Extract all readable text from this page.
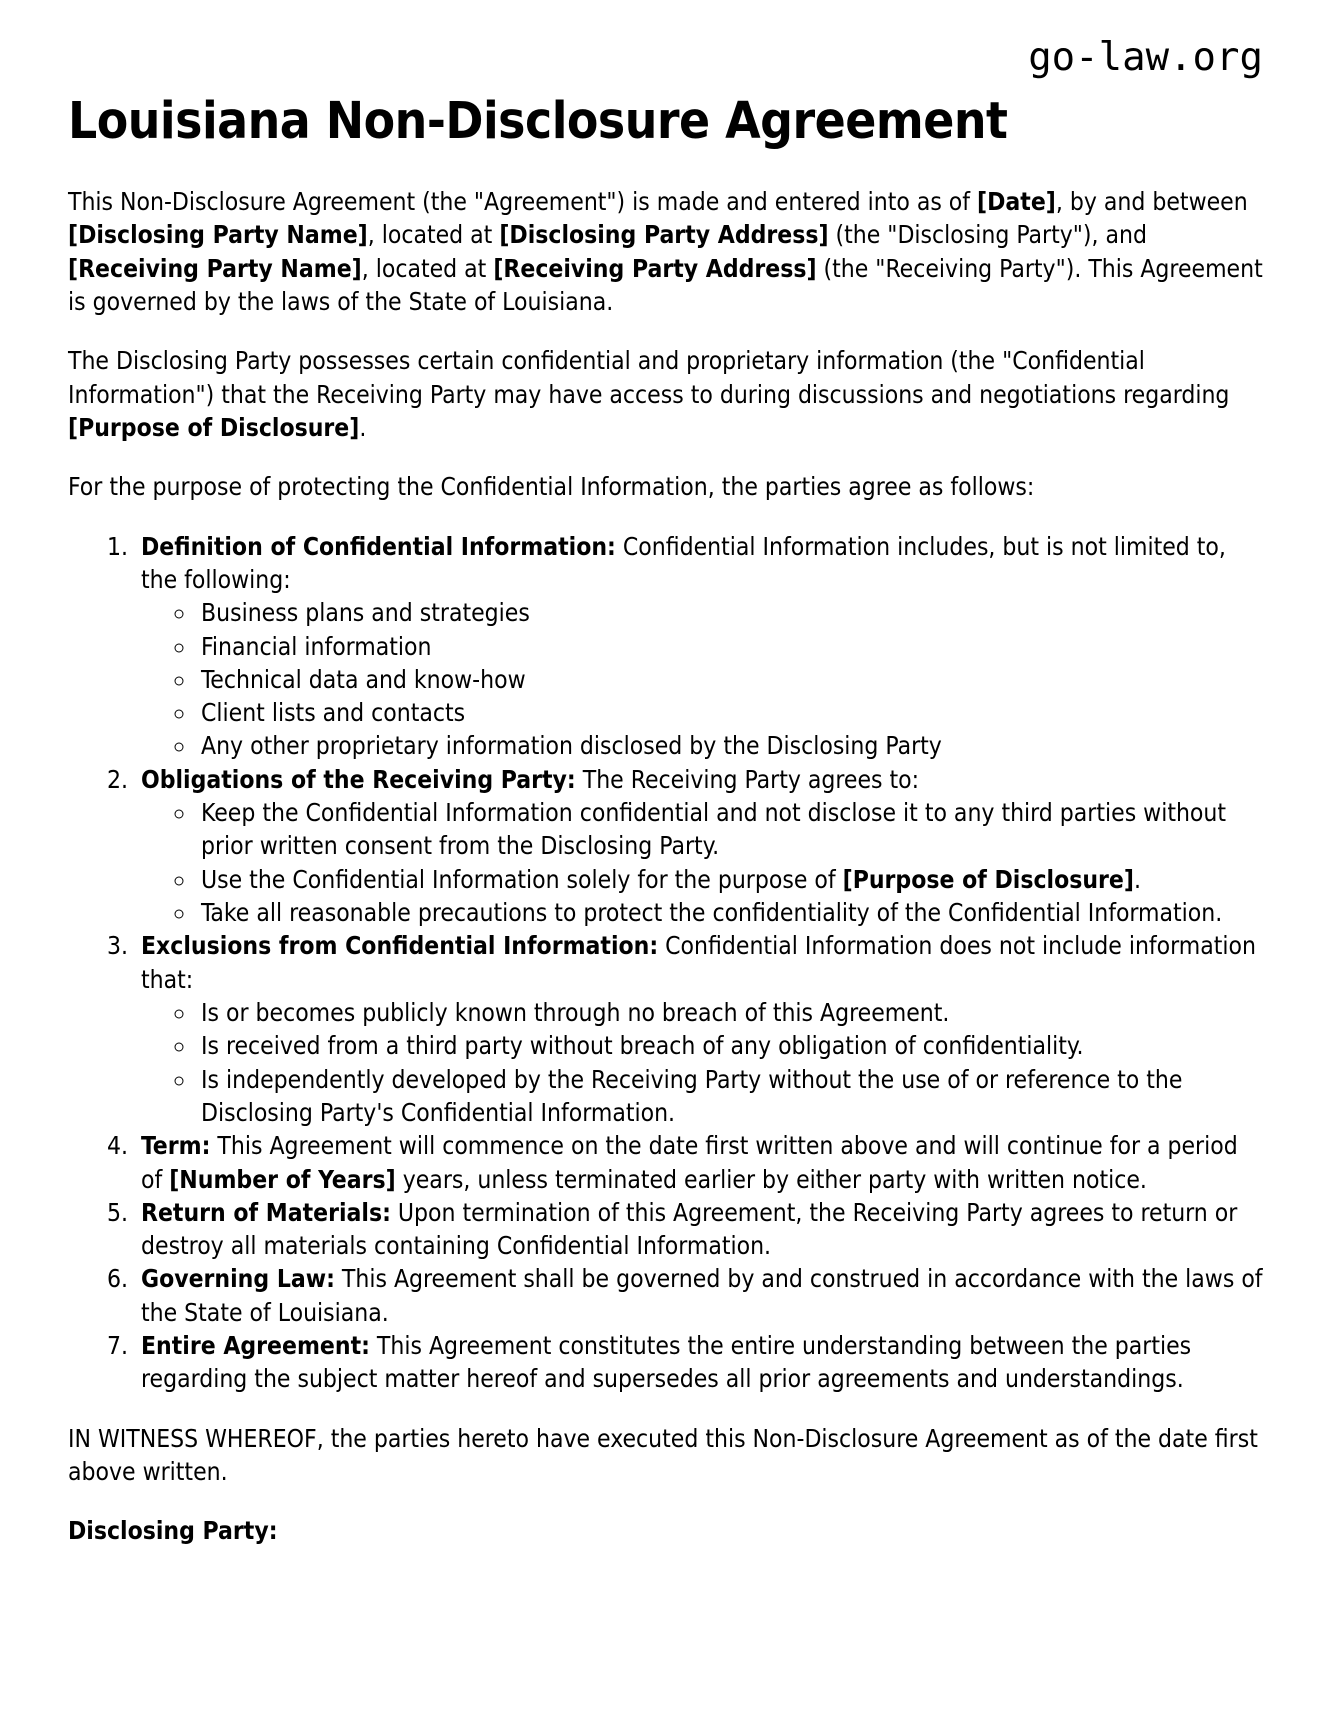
go-law.org
Louisiana Non-Disclosure Agreement

This Non-Disclosure Agreement (the "Agreement") is made and entered into as of [Date], by and between [Disclosing Party Name], located at [Disclosing Party Address] (the "Disclosing Party"), and [Receiving Party Name], located at [Receiving Party Address] (the "Receiving Party"). This Agreement is governed by the laws of the State of Louisiana.

The Disclosing Party possesses certain confidential and proprietary information (the "Confidential Information") that the Receiving Party may have access to during discussions and negotiations regarding [Purpose of Disclosure].

For the purpose of protecting the Confidential Information, the parties agree as follows:

1. Definition of Confidential Information: Confidential Information includes, but is not limited to, the following:
◦ Business plans and strategies
◦ Financial information
◦ Technical data and know-how
◦ Client lists and contacts
◦ Any other proprietary information disclosed by the Disclosing Party
2. Obligations of the Receiving Party: The Receiving Party agrees to:
◦ Keep the Confidential Information confidential and not disclose it to any third parties without prior written consent from the Disclosing Party.
◦ Use the Confidential Information solely for the purpose of [Purpose of Disclosure].
◦ Take all reasonable precautions to protect the confidentiality of the Confidential Information.
3. Exclusions from Confidential Information: Confidential Information does not include information that:
◦ Is or becomes publicly known through no breach of this Agreement.
◦ Is received from a third party without breach of any obligation of confidentiality.
◦ Is independently developed by the Receiving Party without the use of or reference to the Disclosing Party's Confidential Information.
4. Term: This Agreement will commence on the date first written above and will continue for a period of [Number of Years] years, unless terminated earlier by either party with written notice.
5. Return of Materials: Upon termination of this Agreement, the Receiving Party agrees to return or destroy all materials containing Confidential Information.
6. Governing Law: This Agreement shall be governed by and construed in accordance with the laws of the State of Louisiana.
7. Entire Agreement: This Agreement constitutes the entire understanding between the parties regarding the subject matter hereof and supersedes all prior agreements and understandings.

IN WITNESS WHEREOF, the parties hereto have executed this Non-Disclosure Agreement as of the date first above written.

Disclosing Party:
